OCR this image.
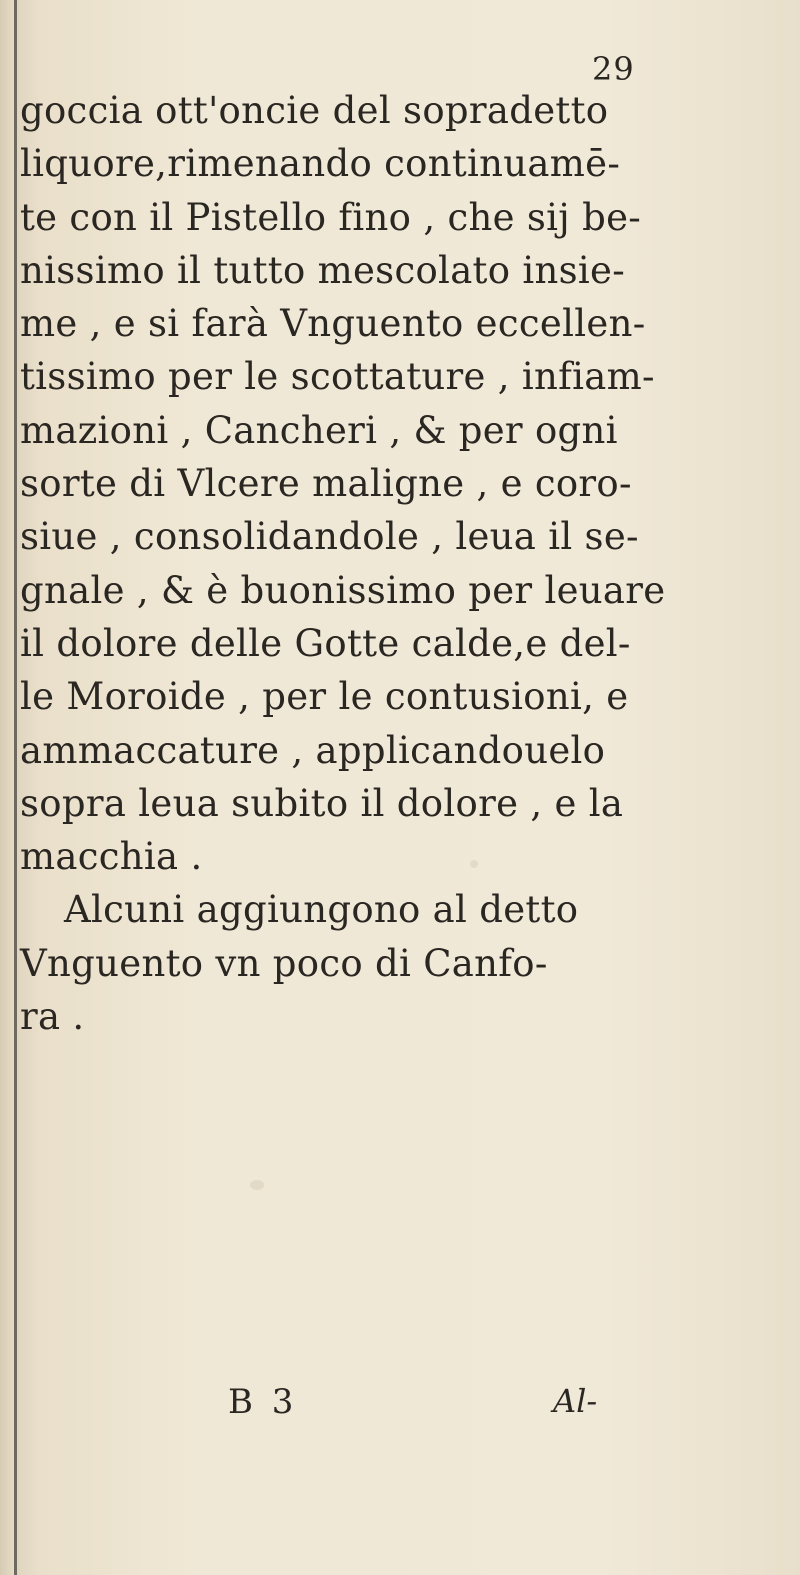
29
goccia ott'oncie del sopradetto
liquore,rimenando continuamē-
te con il Pistello fino , che sij be-
nissimo il tutto mescolato insie-
me , e si farà Vnguento eccellen-
tissimo per le scottature , infiam-
mazioni , Cancheri , & per ogni
sorte di Vlcere maligne , e coro-
siue , consolidandole , leua il se-
gnale , & è buonissimo per leuare
il dolore delle Gotte calde,e del-
le Moroide , per le contusioni, e
ammaccature , applicandouelo
sopra leua subito il dolore , e la
macchia .
Alcuni aggiungono al detto
Vnguento vn poco di Canfo-
ra .
B 3	Al-
